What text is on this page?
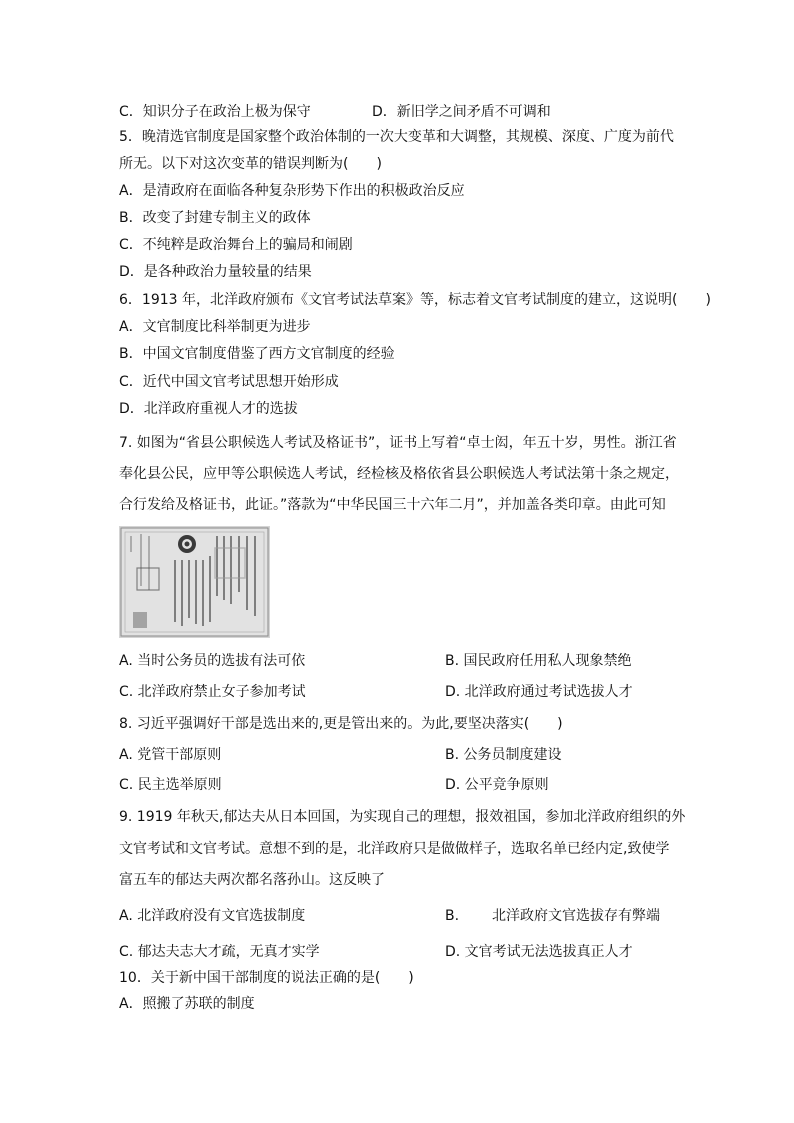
C．知识分子在政治上极为保守	D．新旧学之间矛盾不可调和
5．晚清选官制度是国家整个政治体制的一次大变革和大调整，其规模、深度、广度为前代
所无。以下对这次变革的错误判断为(　　)
A．是清政府在面临各种复杂形势下作出的积极政治反应
B．改变了封建专制主义的政体
C．不纯粹是政治舞台上的骗局和闹剧
D．是各种政治力量较量的结果
6．1913 年，北洋政府颁布《文官考试法草案》等，标志着文官考试制度的建立，这说明(　　)
A．文官制度比科举制更为进步
B．中国文官制度借鉴了西方文官制度的经验
C．近代中国文官考试思想开始形成
D．北洋政府重视人才的选拔
7. 如图为“省县公职候选人考试及格证书”，证书上写着“卓士闳，年五十岁，男性。浙江省
奉化县公民，应甲等公职候选人考试，经检核及格依省县公职候选人考试法第十条之规定，
合行发给及格证书，此证。”落款为“中华民国三十六年二月”，并加盖各类印章。由此可知
A. 当时公务员的选拔有法可依	B. 国民政府任用私人现象禁绝
C. 北洋政府禁止女子参加考试	D. 北洋政府通过考试选拔人才
8. 习近平强调好干部是选出来的,更是管出来的。为此,要坚决落实(　　)
A. 党管干部原则	B. 公务员制度建设
C. 民主选举原则	D. 公平竞争原则
9. 1919 年秋天,郁达夫从日本回国，为实现自己的理想，报效祖国，参加北洋政府组织的外
文官考试和文官考试。意想不到的是，北洋政府只是做做样子，选取名单已经内定,致使学
富五车的郁达夫两次都名落孙山。这反映了
A. 北洋政府没有文官选拔制度	B. 北洋政府文官选拔存有弊端
C. 郁达夫志大才疏，无真才实学	D. 文官考试无法选拔真正人才
10．关于新中国干部制度的说法正确的是(　　)
A．照搬了苏联的制度
